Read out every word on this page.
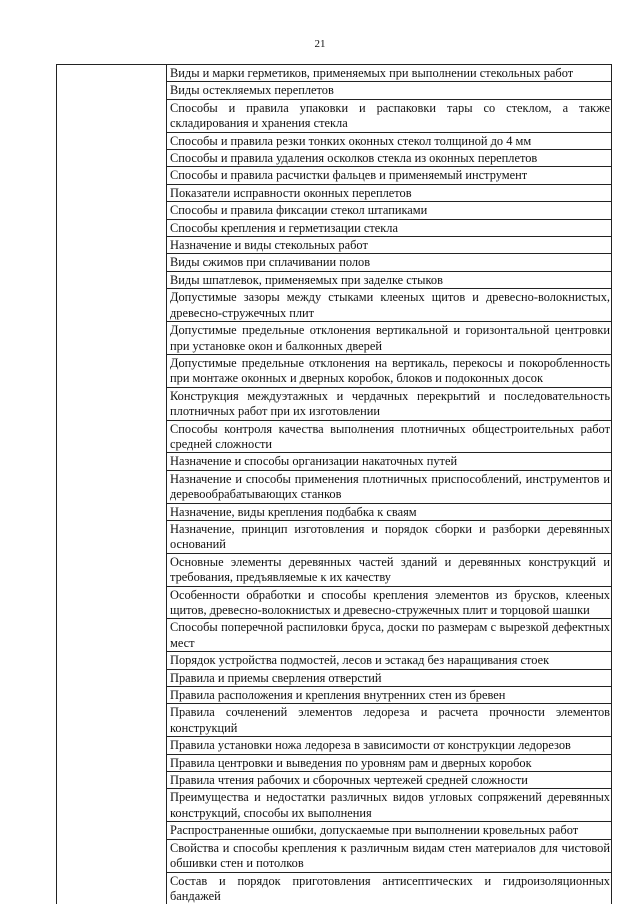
21
Виды и марки герметиков, применяемых при выполнении стекольных работ
Виды остекляемых переплетов
Способы и правила упаковки и распаковки тары со стеклом, а также складирования и хранения стекла
Способы и правила резки тонких оконных стекол толщиной до 4 мм
Способы и правила удаления осколков стекла из оконных переплетов
Способы и правила расчистки фальцев и применяемый инструмент
Показатели исправности оконных переплетов
Способы и правила фиксации стекол штапиками
Способы крепления и герметизации стекла
Назначение и виды стекольных работ
Виды сжимов при сплачивании полов
Виды шпатлевок, применяемых при заделке стыков
Допустимые зазоры между стыками клееных щитов и древесно-волокнистых, древесно-стружечных плит
Допустимые предельные отклонения вертикальной и горизонтальной центровки при установке окон и балконных дверей
Допустимые предельные отклонения на вертикаль, перекосы и покоробленность при монтаже оконных и дверных коробок, блоков и подоконных досок
Конструкция междуэтажных и чердачных перекрытий и последовательность плотничных работ при их изготовлении
Способы контроля качества выполнения плотничных общестроительных работ средней сложности
Назначение и способы организации накаточных путей
Назначение и способы применения плотничных приспособлений, инструментов и деревообрабатывающих станков
Назначение, виды крепления подбабка к сваям
Назначение, принцип изготовления и порядок сборки и разборки деревянных оснований
Основные элементы деревянных частей зданий и деревянных конструкций и требования, предъявляемые к их качеству
Особенности обработки и способы крепления элементов из брусков, клееных щитов, древесно-волокнистых и древесно-стружечных плит и торцовой шашки
Способы поперечной распиловки бруса, доски по размерам с вырезкой дефектных мест
Порядок устройства подмостей, лесов и эстакад без наращивания стоек
Правила и приемы сверления отверстий
Правила расположения и крепления внутренних стен из бревен
Правила сочленений элементов ледореза и расчета прочности элементов конструкций
Правила установки ножа ледореза в зависимости от конструкции ледорезов
Правила центровки и выведения по уровням рам и дверных коробок
Правила чтения рабочих и сборочных чертежей средней сложности
Преимущества и недостатки различных видов угловых сопряжений деревянных конструкций, способы их выполнения
Распространенные ошибки, допускаемые при выполнении кровельных работ
Свойства и способы крепления к различным видам стен материалов для чистовой обшивки стен и потолков
Состав и порядок приготовления антисептических и гидроизоляционных бандажей
